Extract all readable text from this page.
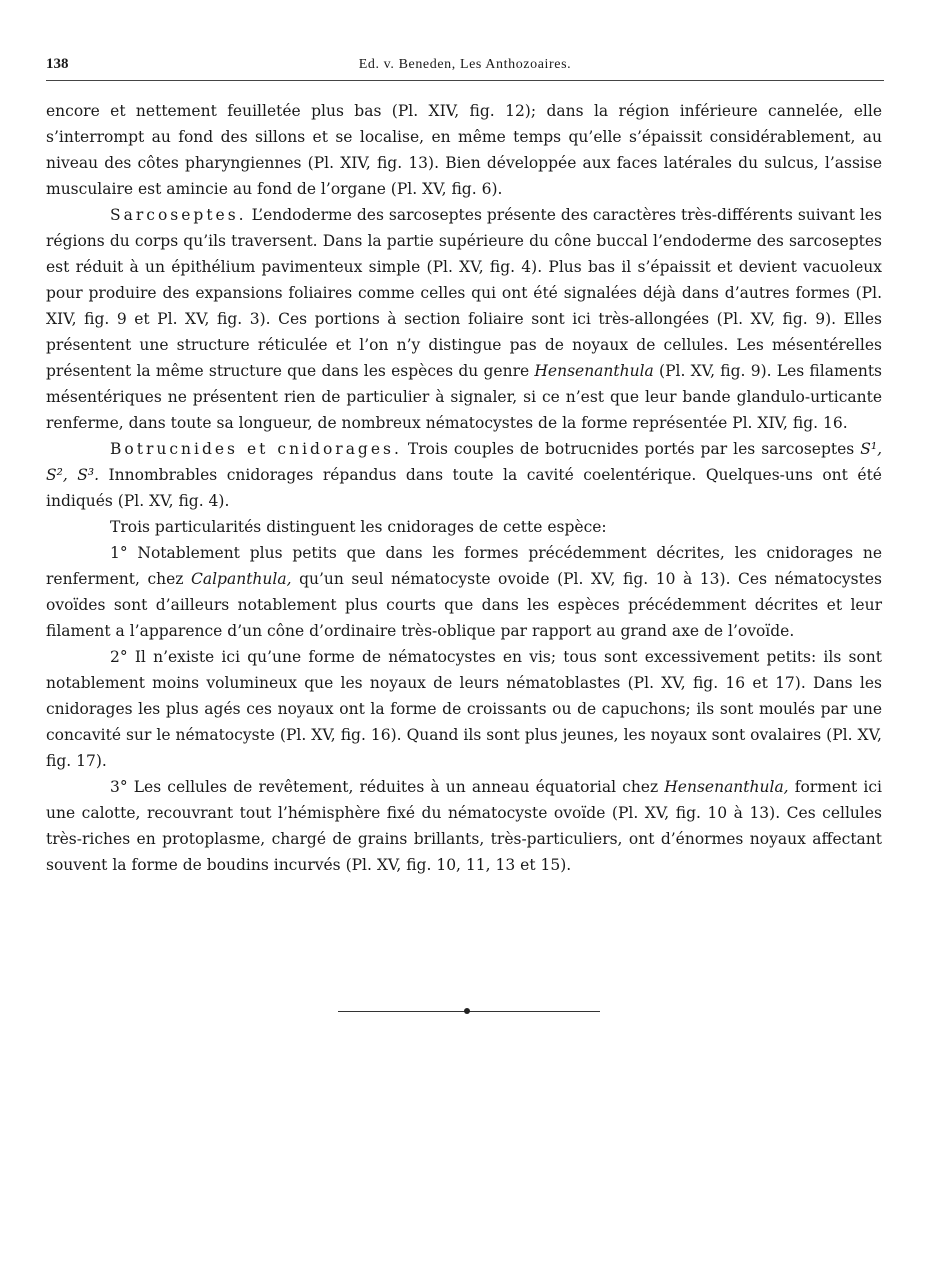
138	Ed. v. Beneden, Les Anthozoaires.

encore et nettement feuilletée plus bas (Pl. XIV, fig. 12); dans la région inférieure cannelée, elle s’interrompt au fond des sillons et se localise, en même temps qu’elle s’épaissit considérablement, au niveau des côtes pharyngiennes (Pl. XIV, fig. 13). Bien développée aux faces latérales du sulcus, l’assise musculaire est amincie au fond de l’organe (Pl. XV, fig. 6).

Sarcoseptes. L’endoderme des sarcoseptes présente des caractères très-différents suivant les régions du corps qu’ils traversent. Dans la partie supérieure du cône buccal l’endoderme des sarcoseptes est réduit à un épithélium pavimenteux simple (Pl. XV, fig. 4). Plus bas il s’épaissit et devient vacuoleux pour produire des expansions foliaires comme celles qui ont été signalées déjà dans d’autres formes (Pl. XIV, fig. 9 et Pl. XV, fig. 3). Ces portions à section foliaire sont ici très-allongées (Pl. XV, fig. 9). Elles présentent une structure réticulée et l’on n’y distingue pas de noyaux de cellules. Les mésentérelles présentent la même structure que dans les espèces du genre Hensenanthula (Pl. XV, fig. 9). Les filaments mésentériques ne présentent rien de particulier à signaler, si ce n’est que leur bande glandulo-urticante renferme, dans toute sa longueur, de nombreux nématocystes de la forme représentée Pl. XIV, fig. 16.

Botrucnides et cnidorages. Trois couples de botrucnides portés par les sarcoseptes S¹, S², S³. Innombrables cnidorages répandus dans toute la cavité coelentérique. Quelques-uns ont été indiqués (Pl. XV, fig. 4).

Trois particularités distinguent les cnidorages de cette espèce:

1° Notablement plus petits que dans les formes précédemment décrites, les cnidorages ne renferment, chez Calpanthula, qu’un seul nématocyste ovoide (Pl. XV, fig. 10 à 13). Ces nématocystes ovoïdes sont d’ailleurs notablement plus courts que dans les espèces précédemment décrites et leur filament a l’apparence d’un cône d’ordinaire très-oblique par rapport au grand axe de l’ovoïde.

2° Il n’existe ici qu’une forme de nématocystes en vis; tous sont excessivement petits: ils sont notablement moins volumineux que les noyaux de leurs nématoblastes (Pl. XV, fig. 16 et 17). Dans les cnidorages les plus agés ces noyaux ont la forme de croissants ou de capuchons; ils sont moulés par une concavité sur le nématocyste (Pl. XV, fig. 16). Quand ils sont plus jeunes, les noyaux sont ovalaires (Pl. XV, fig. 17).

3° Les cellules de revêtement, réduites à un anneau équatorial chez Hensenanthula, forment ici une calotte, recouvrant tout l’hémisphère fixé du nématocyste ovoïde (Pl. XV, fig. 10 à 13). Ces cellules très-riches en protoplasme, chargé de grains brillants, très-particuliers, ont d’énormes noyaux affectant souvent la forme de boudins incurvés (Pl. XV, fig. 10, 11, 13 et 15).
